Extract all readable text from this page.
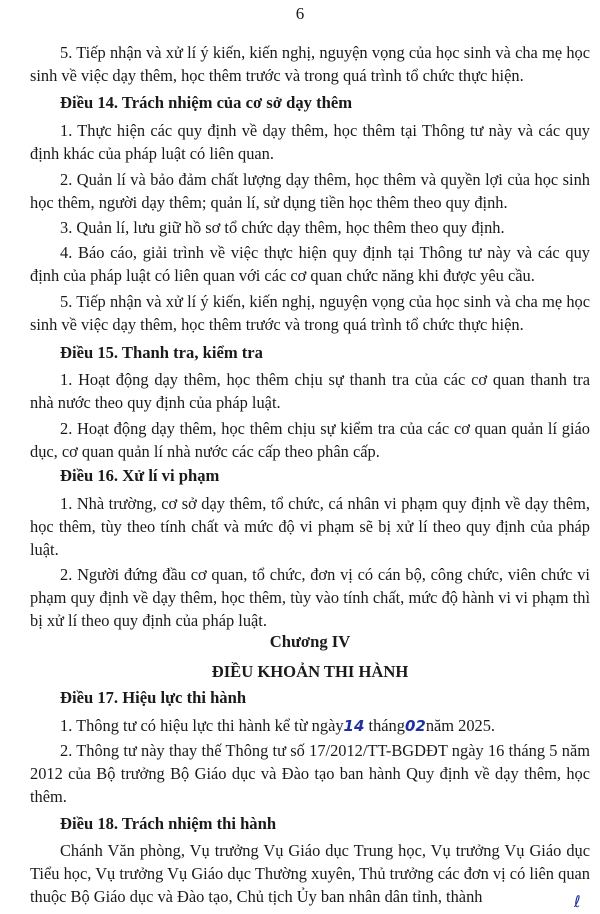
6
5. Tiếp nhận và xử lí ý kiến, kiến nghị, nguyện vọng của học sinh và cha mẹ học sinh về việc dạy thêm, học thêm trước và trong quá trình tổ chức thực hiện.
Điều 14. Trách nhiệm của cơ sở dạy thêm
1. Thực hiện các quy định về dạy thêm, học thêm tại Thông tư này và các quy định khác của pháp luật có liên quan.
2. Quản lí và bảo đảm chất lượng dạy thêm, học thêm và quyền lợi của học sinh học thêm, người dạy thêm; quản lí, sử dụng tiền học thêm theo quy định.
3. Quản lí, lưu giữ hồ sơ tổ chức dạy thêm, học thêm theo quy định.
4. Báo cáo, giải trình về việc thực hiện quy định tại Thông tư này và các quy định của pháp luật có liên quan với các cơ quan chức năng khi được yêu cầu.
5. Tiếp nhận và xử lí ý kiến, kiến nghị, nguyện vọng của học sinh và cha mẹ học sinh về việc dạy thêm, học thêm trước và trong quá trình tổ chức thực hiện.
Điều 15. Thanh tra, kiểm tra
1. Hoạt động dạy thêm, học thêm chịu sự thanh tra của các cơ quan thanh tra nhà nước theo quy định của pháp luật.
2. Hoạt động dạy thêm, học thêm chịu sự kiểm tra của các cơ quan quản lí giáo dục, cơ quan quản lí nhà nước các cấp theo phân cấp.
Điều 16. Xử lí vi phạm
1. Nhà trường, cơ sở dạy thêm, tổ chức, cá nhân vi phạm quy định về dạy thêm, học thêm, tùy theo tính chất và mức độ vi phạm sẽ bị xử lí theo quy định của pháp luật.
2. Người đứng đầu cơ quan, tổ chức, đơn vị có cán bộ, công chức, viên chức vi phạm quy định về dạy thêm, học thêm, tùy vào tính chất, mức độ hành vi vi phạm thì bị xử lí theo quy định của pháp luật.
Chương IV
ĐIỀU KHOẢN THI HÀNH
Điều 17. Hiệu lực thi hành
1. Thông tư có hiệu lực thi hành kể từ ngày14 tháng02năm 2025.
2. Thông tư này thay thế Thông tư số 17/2012/TT-BGDĐT ngày 16 tháng 5 năm 2012 của Bộ trưởng Bộ Giáo dục và Đào tạo ban hành Quy định về dạy thêm, học thêm.
Điều 18. Trách nhiệm thi hành
Chánh Văn phòng, Vụ trưởng Vụ Giáo dục Trung học, Vụ trưởng Vụ Giáo dục Tiểu học, Vụ trưởng Vụ Giáo dục Thường xuyên, Thủ trưởng các đơn vị có liên quan thuộc Bộ Giáo dục và Đào tạo, Chủ tịch Ủy ban nhân dân tỉnh, thành	ℓ
